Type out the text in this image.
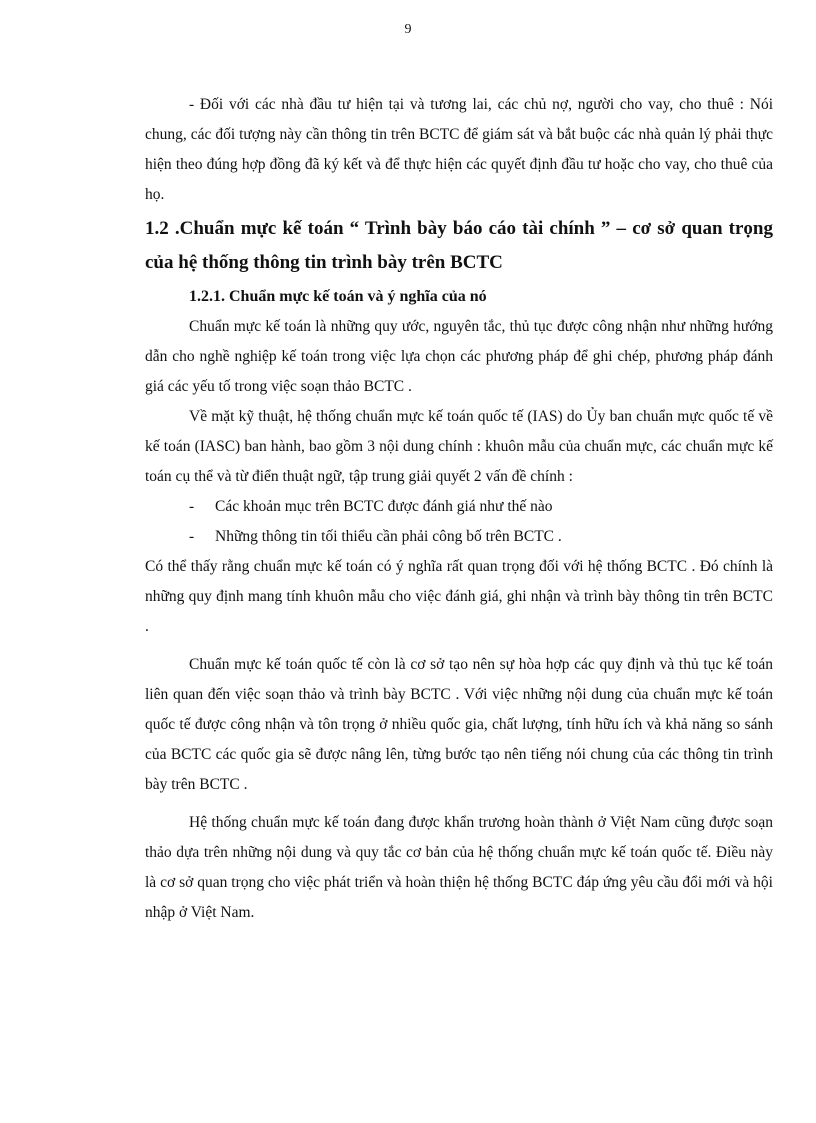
9

- Đối với các nhà đầu tư hiện tại và tương lai, các chủ nợ, người cho vay, cho thuê : Nói chung, các đối tượng này cần thông tin trên BCTC để giám sát và bắt buộc các nhà quản lý phải thực hiện theo đúng hợp đồng đã ký kết và để thực hiện các quyết định đầu tư hoặc cho vay, cho thuê của họ.

1.2 .Chuẩn mực kế toán “ Trình bày báo cáo tài chính ” – cơ sở quan trọng của hệ thống thông tin trình bày trên BCTC
1.2.1. Chuẩn mực kế toán và ý nghĩa của nó

Chuẩn mực kế toán là những quy ước, nguyên tắc, thủ tục được công nhận như những hướng dẫn cho nghề nghiệp kế toán trong việc lựa chọn các phương pháp để ghi chép, phương pháp đánh giá các yếu tố trong việc soạn thảo BCTC .

Về mặt kỹ thuật, hệ thống chuẩn mực kế toán quốc tế (IAS) do Ủy ban chuẩn mực quốc tế về kế toán (IASC) ban hành, bao gồm 3 nội dung chính : khuôn mẫu của chuẩn mực, các chuẩn mực kế toán cụ thể và từ điển thuật ngữ, tập trung giải quyết 2 vấn đề chính :

-	Các khoản mục trên BCTC được đánh giá như thế nào
-	Những thông tin tối thiểu cần phải công bố trên BCTC .

Có thể thấy rằng chuẩn mực kế toán có ý nghĩa rất quan trọng đối với hệ thống BCTC . Đó chính là những quy định mang tính khuôn mẫu cho việc đánh giá, ghi nhận và trình bày thông tin trên BCTC .

Chuẩn mực kế toán quốc tế còn là cơ sở tạo nên sự hòa hợp các quy định và thủ tục kế toán liên quan đến việc soạn thảo và trình bày BCTC . Với việc những nội dung của chuẩn mực kế toán quốc tế được công nhận và tôn trọng ở nhiều quốc gia, chất lượng, tính hữu ích và khả năng so sánh của BCTC các quốc gia sẽ được nâng lên, từng bước tạo nên tiếng nói chung của các thông tin trình bày trên BCTC .

Hệ thống chuẩn mực kế toán đang được khẩn trương hoàn thành ở Việt Nam cũng được soạn thảo dựa trên những nội dung và quy tắc cơ bản của hệ thống chuẩn mực kế toán quốc tế. Điều này là cơ sở quan trọng cho việc phát triển và hoàn thiện hệ thống BCTC đáp ứng yêu cầu đổi mới và hội nhập ở Việt Nam.
